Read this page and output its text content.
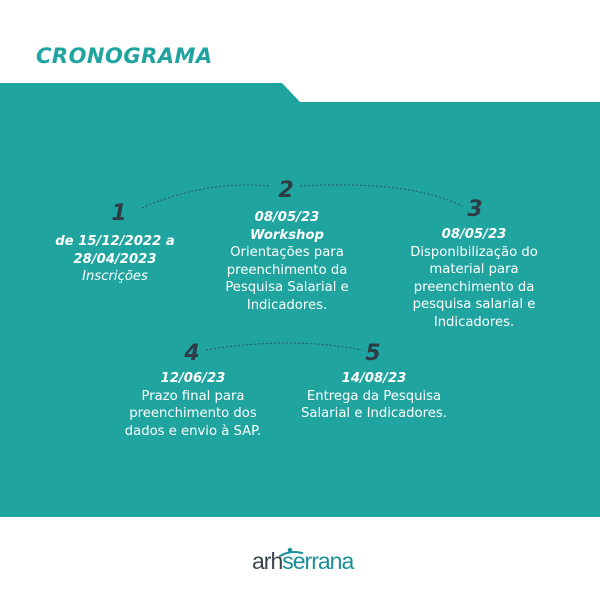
CRONOGRAMA
1
de 15/12/2022 a 28/04/2023
Inscrições
2
08/05/23
Workshop
Orientações para preenchimento da Pesquisa Salarial e Indicadores.
3
08/05/23
Disponibilização do material para preenchimento da pesquisa salarial e Indicadores.
4
12/06/23
Prazo final para preenchimento dos dados e envio à SAP.
5
14/08/23
Entrega da Pesquisa Salarial e Indicadores.
arhserrana
